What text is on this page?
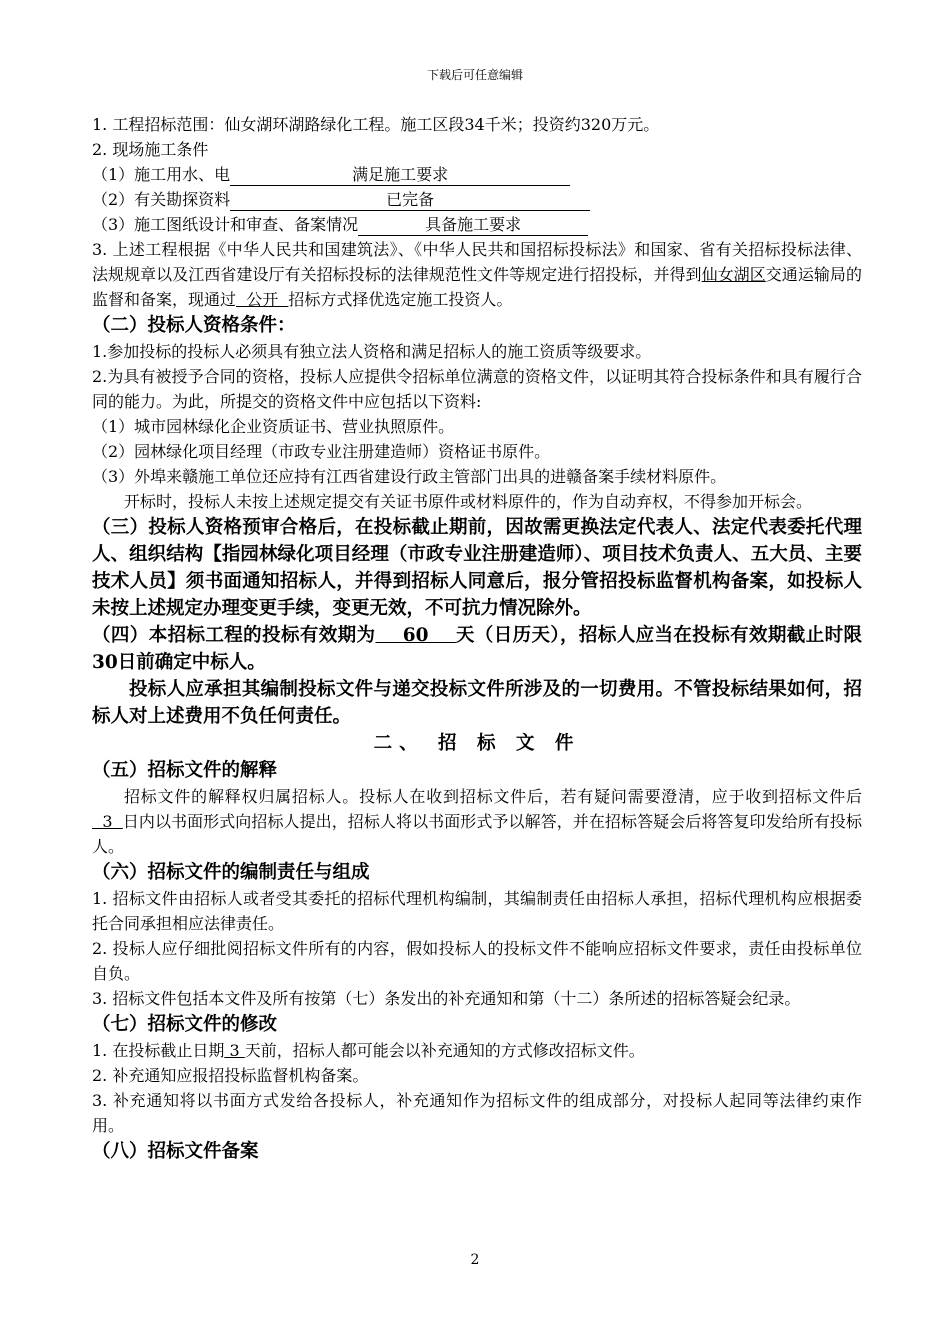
下载后可任意编辑

1. 工程招标范围：仙女湖环湖路绿化工程。施工区段34千米；投资约320万元。

2. 现场施工条件

（1）施工用水、电	满足施工要求

（2）有关勘探资料	已完备

（3）施工图纸设计和审查、备案情况	具备施工要求

3. 上述工程根据《中华人民共和国建筑法》、《中华人民共和国招标投标法》和国家、省有关招标投标法律、法规规章以及江西省建设厅有关招标投标的法律规范性文件等规定进行招投标，并得到仙女湖区交通运输局的监督和备案，现通过  公开  招标方式择优选定施工投资人。

（二）投标人资格条件：

1.参加投标的投标人必须具有独立法人资格和满足招标人的施工资质等级要求。

2.为具有被授予合同的资格，投标人应提供令招标单位满意的资格文件，以证明其符合投标条件和具有履行合同的能力。为此，所提交的资格文件中应包括以下资料:

（1）城市园林绿化企业资质证书、营业执照原件。

（2）园林绿化项目经理（市政专业注册建造师）资格证书原件。

（3）外埠来赣施工单位还应持有江西省建设行政主管部门出具的进赣备案手续材料原件。

开标时，投标人未按上述规定提交有关证书原件或材料原件的，作为自动弃权，不得参加开标会。

（三）投标人资格预审合格后，在投标截止期前，因故需更换法定代表人、法定代表委托代理人、组织结构【指园林绿化项目经理（市政专业注册建造师）、项目技术负责人、五大员、主要技术人员】须书面通知招标人，并得到招标人同意后，报分管招投标监督机构备案，如投标人未按上述规定办理变更手续，变更无效，不可抗力情况除外。

（四）本招标工程的投标有效期为    60    天（日历天），招标人应当在投标有效期截止时限30日前确定中标人。

投标人应承担其编制投标文件与递交投标文件所涉及的一切费用。不管投标结果如何，招标人对上述费用不负任何责任。

二、 招 标 文 件

（五）招标文件的解释

招标文件的解释权归属招标人。投标人在收到招标文件后，若有疑问需要澄清，应于收到招标文件后  3  日内以书面形式向招标人提出，招标人将以书面形式予以解答，并在招标答疑会后将答复印发给所有投标人。

（六）招标文件的编制责任与组成

1. 招标文件由招标人或者受其委托的招标代理机构编制，其编制责任由招标人承担，招标代理机构应根据委托合同承担相应法律责任。

2. 投标人应仔细批阅招标文件所有的内容，假如投标人的投标文件不能响应招标文件要求，责任由投标单位自负。

3. 招标文件包括本文件及所有按第（七）条发出的补充通知和第（十二）条所述的招标答疑会纪录。

（七）招标文件的修改

1. 在投标截止日期 3 天前，招标人都可能会以补充通知的方式修改招标文件。

2. 补充通知应报招投标监督机构备案。

3. 补充通知将以书面方式发给各投标人，补充通知作为招标文件的组成部分，对投标人起同等法律约束作用。

（八）招标文件备案

2
